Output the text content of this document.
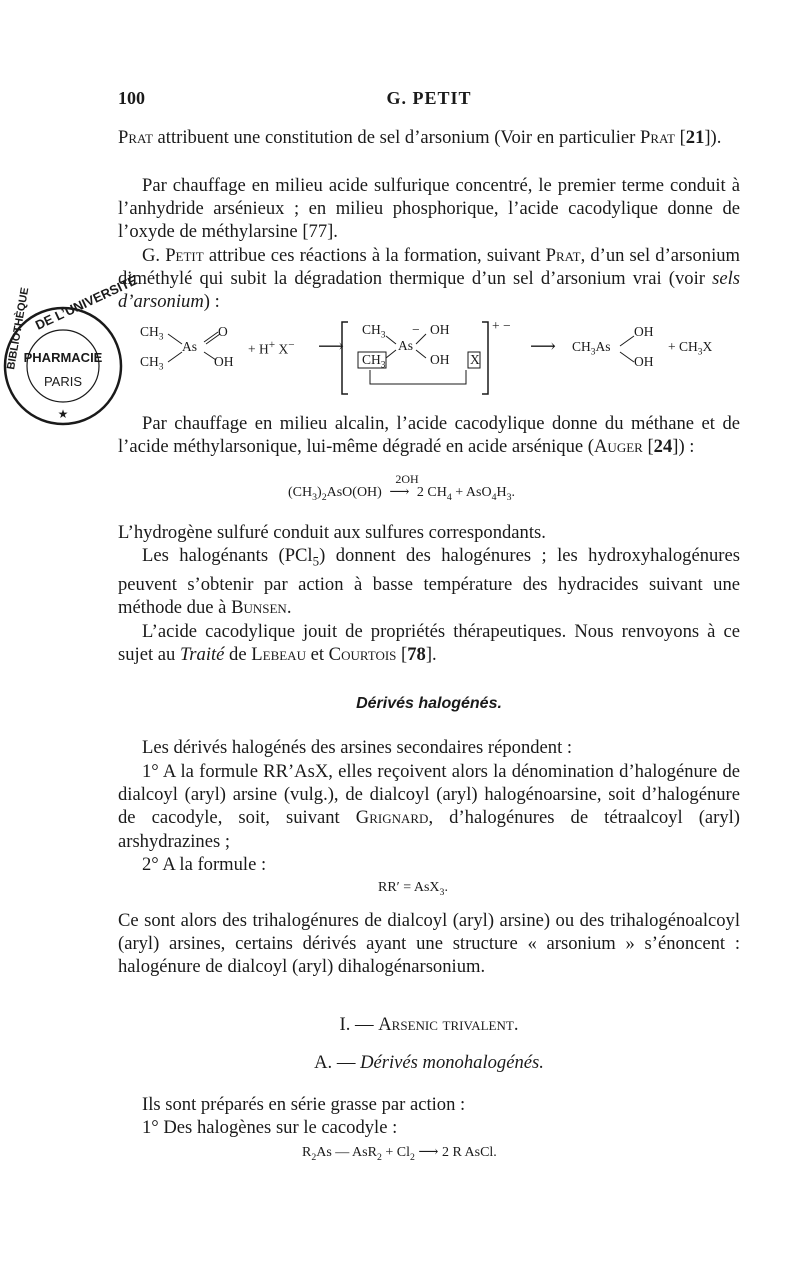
100	G. PETIT

Prat attribuent une constitution de sel d’arsonium (Voir en particulier Prat [21]).

Par chauffage en milieu acide sulfurique concentré, le premier terme conduit à l’anhydride arsénieux ; en milieu phosphorique, l’acide cacodylique donne de l’oxyde de méthylarsine [77].

G. Petit attribue ces réactions à la formation, suivant Prat, d’un sel d’arsonium diméthylé qui subit la dégradation thermique d’un sel d’arsonium vrai (voir sels d’arsonium) :

PHARMACIE
PARIS
DE L’UNIVERSITÉ
BIBLIOTHÈQUE
★
$CH_3$
$CH_3$
As
O
OH
+ H+ X− ⟶
$CH_3$
$CH_3$
As
− OH
OH X
+ −
⟶ $CH_3As$
OH
OH
+ $CH_3X$

Par chauffage en milieu alcalin, l’acide cacodylique donne du méthane et de l’acide méthylarsonique, lui-même dégradé en acide arsénique (Auger [24]) :

$(CH_3)_2AsO(OH)$
2OH
⟶ 2 $CH_4 + AsO_4H_3$.

L’hydrogène sulfuré conduit aux sulfures correspondants.

Les halogénants (PCl$_5$) donnent des halogénures ; les hydroxyhalogénures peuvent s’obtenir par action à basse température des hydracides suivant une méthode due à Bunsen.

L’acide cacodylique jouit de propriétés thérapeutiques. Nous renvoyons à ce sujet au Traité de Lebeau et Courtois [78].

Dérivés halogénés.

Les dérivés halogénés des arsines secondaires répondent :

1° A la formule RR’AsX, elles reçoivent alors la dénomination d’halogénure de dialcoyl (aryl) arsine (vulg.), de dialcoyl (aryl) halogénoarsine, soit d’halogénure de cacodyle, soit, suivant Grignard, d’halogénures de tétraalcoyl (aryl) arshydrazines ;

2° A la formule :

RR′ = AsX$_3$.

Ce sont alors des trihalogénures de dialcoyl (aryl) arsine) ou des trihalogénoalcoyl (aryl) arsines, certains dérivés ayant une structure « arsonium » s’énoncent : halogénure de dialcoyl (aryl) dihalogénarsonium.

I. — Arsenic trivalent.
A. — Dérivés monohalogénés.

Ils sont préparés en série grasse par action :

1° Des halogènes sur le cacodyle :

$R_2As$ — $AsR_2 + Cl_2$ ⟶ 2 R AsCl.
